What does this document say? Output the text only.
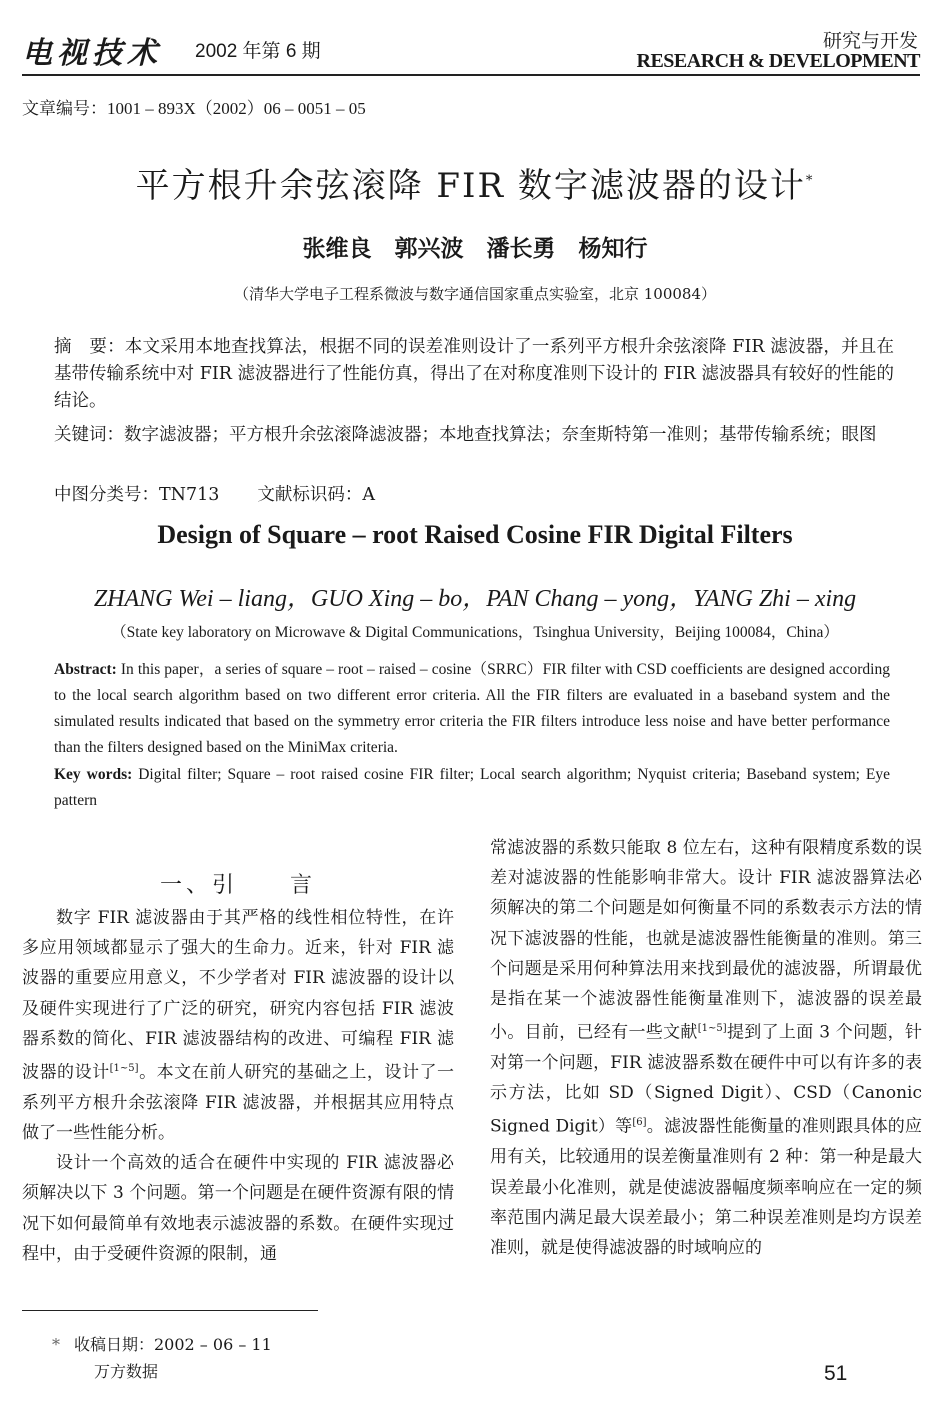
电视技术 2002 年第 6 期	研究与开发
RESEARCH & DEVELOPMENT
文章编号：1001 – 893X（2002）06 – 0051 – 05
平方根升余弦滚降 FIR 数字滤波器的设计*
张维良　郭兴波　潘长勇　杨知行
（清华大学电子工程系微波与数字通信国家重点实验室，北京 100084）
摘　要：本文采用本地查找算法，根据不同的误差准则设计了一系列平方根升余弦滚降 FIR 滤波器，并且在基带传输系统中对 FIR 滤波器进行了性能仿真，得出了在对称度准则下设计的 FIR 滤波器具有较好的性能的结论。
关键词：数字滤波器；平方根升余弦滚降滤波器；本地查找算法；奈奎斯特第一准则；基带传输系统；眼图
中图分类号：TN713 文献标识码：A
Design of Square – root Raised Cosine FIR Digital Filters
ZHANG Wei – liang，GUO Xing – bo，PAN Chang – yong，YANG Zhi – xing
（State key laboratory on Microwave & Digital Communications，Tsinghua University，Beijing 100084，China）
Abstract: In this paper，a series of square – root – raised – cosine（SRRC）FIR filter with CSD coefficients are designed according to the local search algorithm based on two different error criteria. All the FIR filters are evaluated in a baseband system and the simulated results indicated that based on the symmetry error criteria the FIR filters introduce less noise and have better performance than the filters designed based on the MiniMax criteria.
Key words: Digital filter; Square – root raised cosine FIR filter; Local search algorithm; Nyquist criteria; Baseband system; Eye pattern
一、引　　言

数字 FIR 滤波器由于其严格的线性相位特性，在许多应用领域都显示了强大的生命力。近来，针对 FIR 滤波器的重要应用意义，不少学者对 FIR 滤波器的设计以及硬件实现进行了广泛的研究，研究内容包括 FIR 滤波器系数的简化、FIR 滤波器结构的改进、可编程 FIR 滤波器的设计[1~5]。本文在前人研究的基础之上，设计了一系列平方根升余弦滚降 FIR 滤波器，并根据其应用特点做了一些性能分析。

设计一个高效的适合在硬件中实现的 FIR 滤波器必须解决以下 3 个问题。第一个问题是在硬件资源有限的情况下如何最简单有效地表示滤波器的系数。在硬件实现过程中，由于受硬件资源的限制，通

常滤波器的系数只能取 8 位左右，这种有限精度系数的误差对滤波器的性能影响非常大。设计 FIR 滤波器算法必须解决的第二个问题是如何衡量不同的系数表示方法的情况下滤波器的性能，也就是滤波器性能衡量的准则。第三个问题是采用何种算法用来找到最优的滤波器，所谓最优是指在某一个滤波器性能衡量准则下，滤波器的误差最小。目前，已经有一些文献[1~5]提到了上面 3 个问题，针对第一个问题，FIR 滤波器系数在硬件中可以有许多的表示方法，比如 SD（Signed Digit）、CSD（Canonic Signed Digit）等[6]。滤波器性能衡量的准则跟具体的应用有关，比较通用的误差衡量准则有 2 种：第一种是最大误差最小化准则，就是使滤波器幅度频率响应在一定的频率范围内满足最大误差最小；第二种误差准则是均方误差准则，就是使得滤波器的时域响应的

* 收稿日期：2002 – 06 – 11
万方数据	51
